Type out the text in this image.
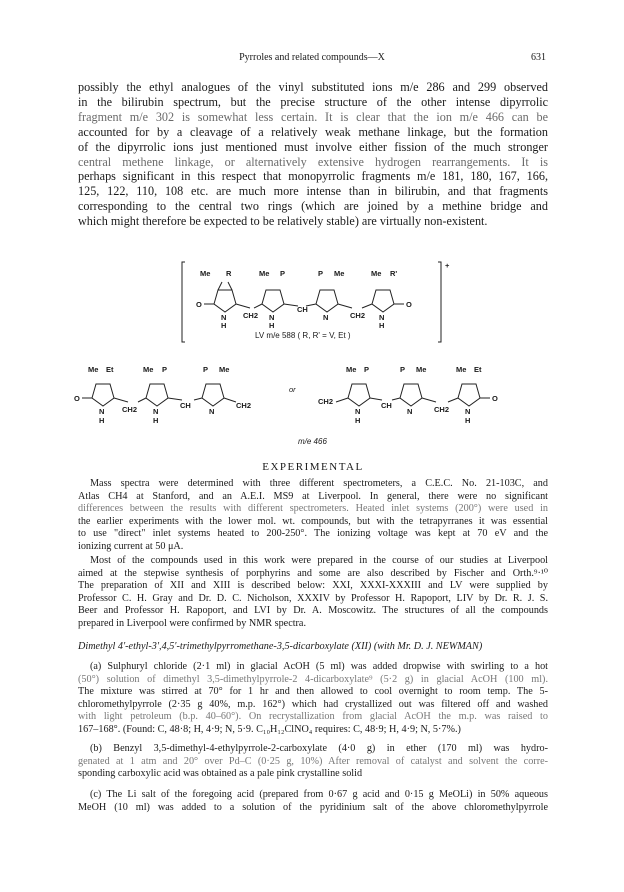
Pyrroles and related compounds—X	631
possibly the ethyl analogues of the vinyl substituted ions m/e 286 and 299 observed
in the bilirubin spectrum, but the precise structure of the other intense dipyrrolic
fragment m/e 302 is somewhat less certain. It is clear that the ion m/e 466 can be
accounted for by a cleavage of a relatively weak methane linkage, but the formation
of the dipyrrolic ions just mentioned must involve either fission of the much stronger
central methene linkage, or alternatively extensive hydrogen rearrangements. It is
perhaps significant in this respect that monopyrrolic fragments m/e 181, 180, 167, 166,
125, 122, 110, 108 etc. are much more intense than in bilirubin, and that fragments
corresponding to the central two rings (which are joined by a methine bridge and
which might therefore be expected to be relatively stable) are virtually non-existent.
+
Me R	Me P	P Me	Me R'
O
N
H
CH2 N
H
CH
N	CH2 N
H
O
LV m/e 588 ( R, R' = V, Et )
Me Et	Me P	P Me	Me P	P Me	Me Et
O
N
H
CH2 N
H
CH
N
CH2
or
CH2
N
H
CH
N	CH2 N
H
O
m/e 466
EXPERIMENTAL
Mass spectra were determined with three different spectrometers, a C.E.C. No. 21-103C, and
Atlas CH4 at Stanford, and an A.E.I. MS9 at Liverpool. In general, there were no significant
differences between the results with different spectrometers. Heated inlet systems (200°) were used in
the earlier experiments with the lower mol. wt. compounds, but with the tetrapyrranes it was essential
to use "direct" inlet systems heated to 200-250°. The ionizing voltage was kept at 70 eV and the
ionizing current at 50 μA.
Most of the compounds used in this work were prepared in the course of our studies at Liverpool
aimed at the stepwise synthesis of porphyrins and some are also described by Fischer and Orth.⁹·¹⁰
The preparation of XII and XIII is described below: XXI, XXXI-XXXIII and LV were supplied by
Professor C. H. Gray and Dr. D. C. Nicholson, XXXIV by Professor H. Rapoport, LIV by Dr. R. J. S.
Beer and Professor H. Rapoport, and LVI by Dr. A. Moscowitz. The structures of all the compounds
prepared in Liverpool were confirmed by NMR spectra.
Dimethyl 4'-ethyl-3',4,5'-trimethylpyrromethane-3,5-dicarboxylate (XII) (with Mr. D. J. NEWMAN)
(a) Sulphuryl chloride (2·1 ml) in glacial AcOH (5 ml) was added dropwise with swirling to a hot
(50°) solution of dimethyl 3,5-dimethylpyrrole-2 4-dicarboxylate⁹ (5·2 g) in glacial AcOH (100 ml).
The mixture was stirred at 70° for 1 hr and then allowed to cool overnight to room temp. The 5-
chloromethylpyrrole (2·35 g 40%, m.p. 162°) which had crystallized out was filtered off and washed
with light petroleum (b.p. 40–60°). On recrystallization from glacial AcOH the m.p. was raised to
167–168°. (Found: C, 48·8; H, 4·9; N, 5·9. C₁₀H₁₂ClNO₄ requires: C, 48·9; H, 4·9; N, 5·7%.)
(b) Benzyl 3,5-dimethyl-4-ethylpyrrole-2-carboxylate (4·0 g) in ether (170 ml) was hydro-
genated at 1 atm and 20° over Pd–C (0·25 g, 10%) After removal of catalyst and solvent the corre-
sponding carboxylic acid was obtained as a pale pink crystalline solid
(c) The Li salt of the foregoing acid (prepared from 0·67 g acid and 0·15 g MeOLi) in 50% aqueous
MeOH (10 ml) was added to a solution of the pyridinium salt of the above chloromethylpyrrole
